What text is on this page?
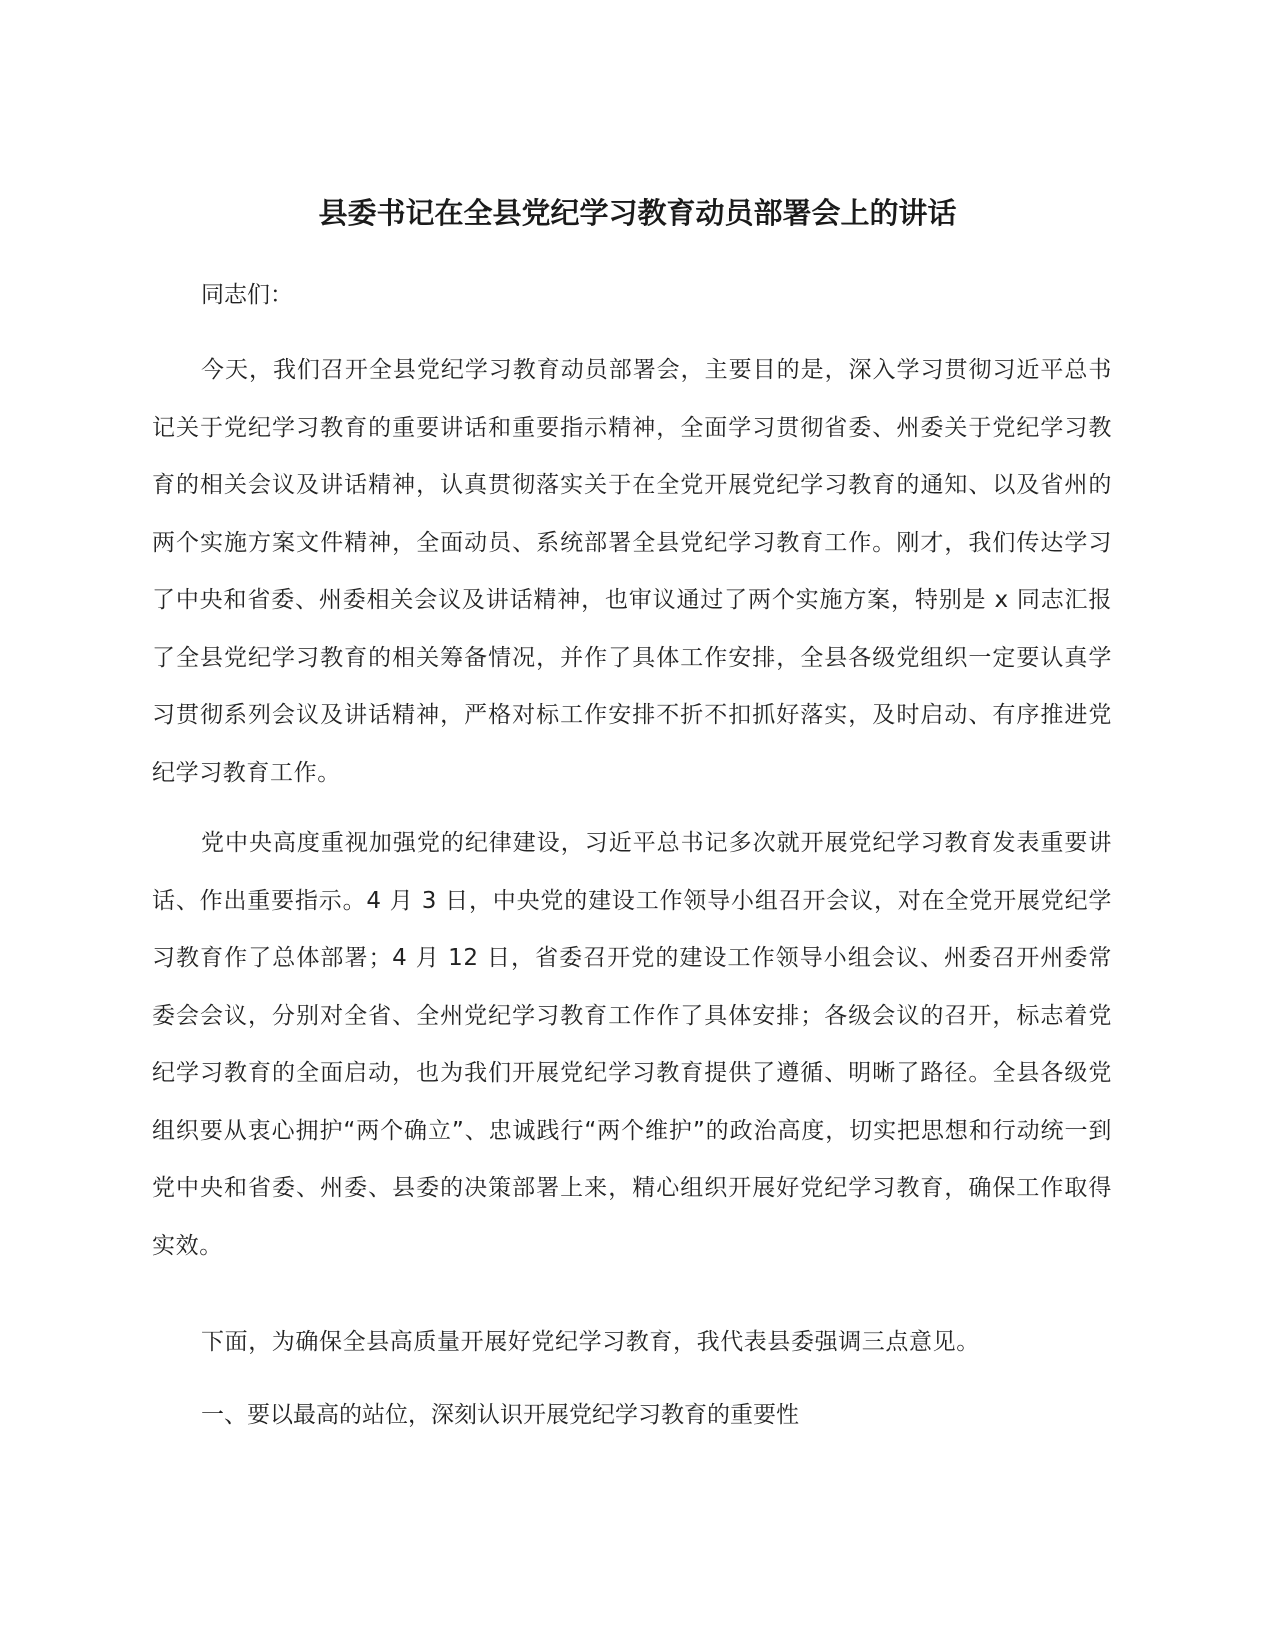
县委书记在全县党纪学习教育动员部署会上的讲话

同志们：

今天，我们召开全县党纪学习教育动员部署会，主要目的是，深入学习贯彻习近平总书记关于党纪学习教育的重要讲话和重要指示精神，全面学习贯彻省委、州委关于党纪学习教育的相关会议及讲话精神，认真贯彻落实关于在全党开展党纪学习教育的通知、以及省州的两个实施方案文件精神，全面动员、系统部署全县党纪学习教育工作。刚才，我们传达学习了中央和省委、州委相关会议及讲话精神，也审议通过了两个实施方案，特别是 x 同志汇报了全县党纪学习教育的相关筹备情况，并作了具体工作安排，全县各级党组织一定要认真学习贯彻系列会议及讲话精神，严格对标工作安排不折不扣抓好落实，及时启动、有序推进党纪学习教育工作。

党中央高度重视加强党的纪律建设，习近平总书记多次就开展党纪学习教育发表重要讲话、作出重要指示。4 月 3 日，中央党的建设工作领导小组召开会议，对在全党开展党纪学习教育作了总体部署；4 月 12 日，省委召开党的建设工作领导小组会议、州委召开州委常委会会议，分别对全省、全州党纪学习教育工作作了具体安排；各级会议的召开，标志着党纪学习教育的全面启动，也为我们开展党纪学习教育提供了遵循、明晰了路径。全县各级党组织要从衷心拥护“两个确立”、忠诚践行“两个维护”的政治高度，切实把思想和行动统一到党中央和省委、州委、县委的决策部署上来，精心组织开展好党纪学习教育，确保工作取得实效。

下面，为确保全县高质量开展好党纪学习教育，我代表县委强调三点意见。

一、要以最高的站位，深刻认识开展党纪学习教育的重要性
